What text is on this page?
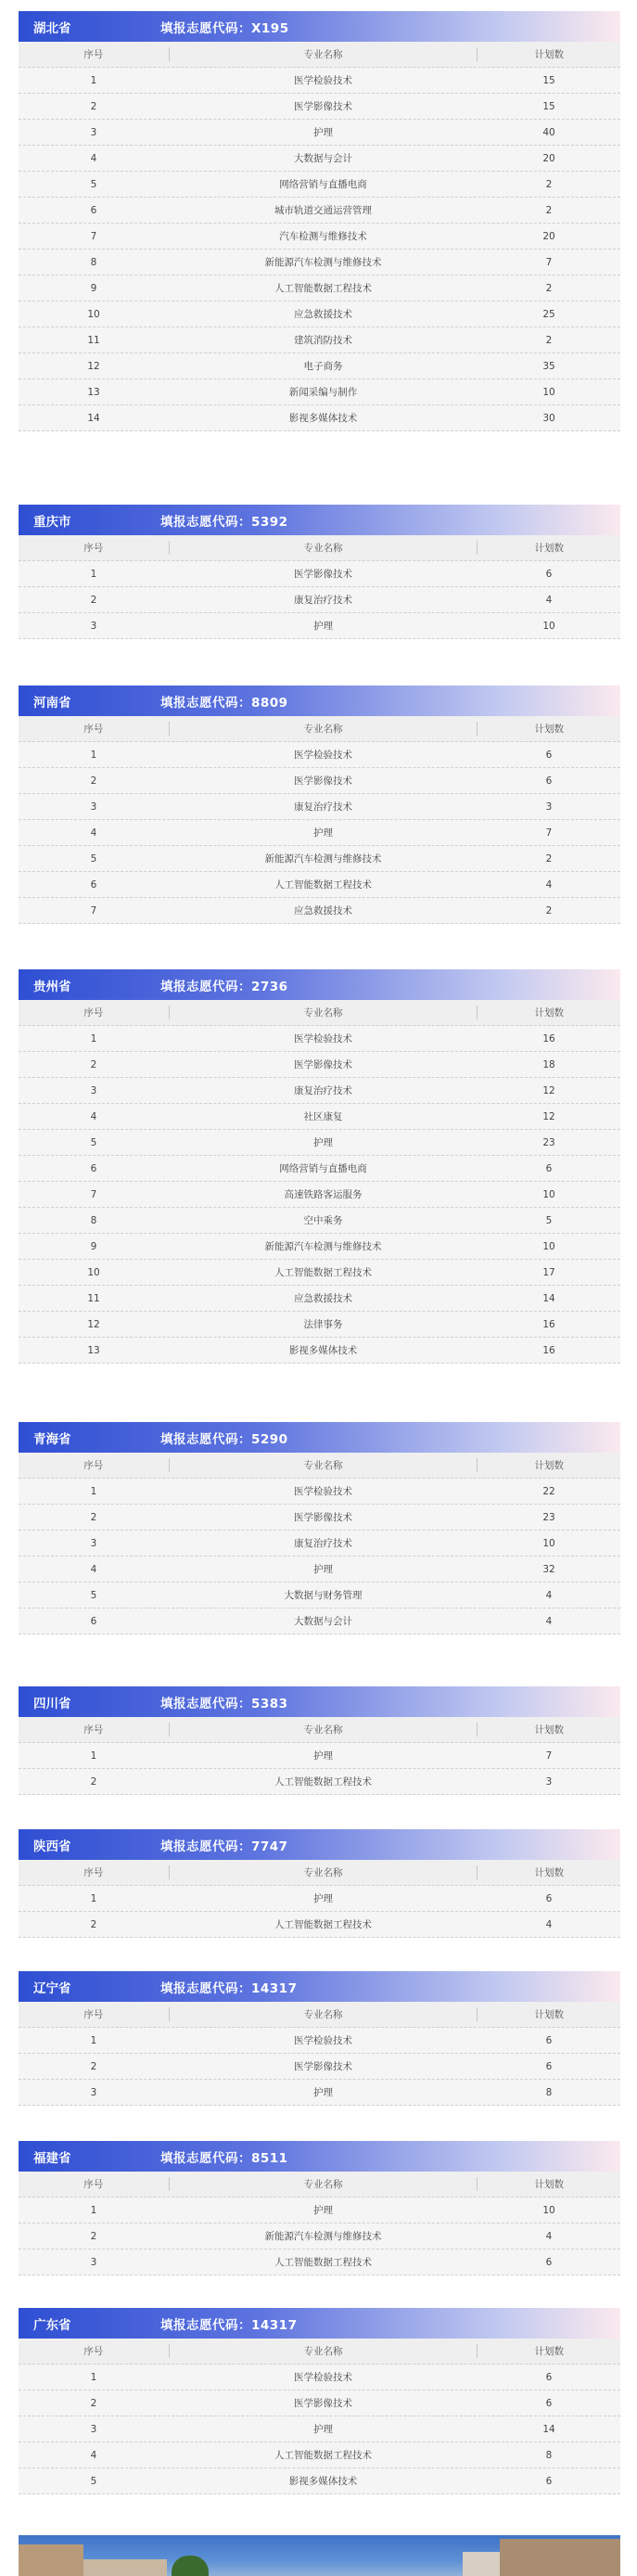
湖北省	填报志愿代码：X195
序号	专业名称	计划数
1	医学检验技术	15
2	医学影像技术	15
3	护理	40
4	大数据与会计	20
5	网络营销与直播电商	2
6	城市轨道交通运营管理	2
7	汽车检测与维修技术	20
8	新能源汽车检测与维修技术	7
9	人工智能数据工程技术	2
10	应急救援技术	25
11	建筑消防技术	2
12	电子商务	35
13	新闻采编与制作	10
14	影视多媒体技术	30
重庆市	填报志愿代码：5392
序号	专业名称	计划数
1	医学影像技术	6
2	康复治疗技术	4
3	护理	10
河南省	填报志愿代码：8809
序号	专业名称	计划数
1	医学检验技术	6
2	医学影像技术	6
3	康复治疗技术	3
4	护理	7
5	新能源汽车检测与维修技术	2
6	人工智能数据工程技术	4
7	应急救援技术	2
贵州省	填报志愿代码：2736
序号	专业名称	计划数
1	医学检验技术	16
2	医学影像技术	18
3	康复治疗技术	12
4	社区康复	12
5	护理	23
6	网络营销与直播电商	6
7	高速铁路客运服务	10
8	空中乘务	5
9	新能源汽车检测与维修技术	10
10	人工智能数据工程技术	17
11	应急救援技术	14
12	法律事务	16
13	影视多媒体技术	16
青海省	填报志愿代码：5290
序号	专业名称	计划数
1	医学检验技术	22
2	医学影像技术	23
3	康复治疗技术	10
4	护理	32
5	大数据与财务管理	4
6	大数据与会计	4
四川省	填报志愿代码：5383
序号	专业名称	计划数
1	护理	7
2	人工智能数据工程技术	3
陕西省	填报志愿代码：7747
序号	专业名称	计划数
1	护理	6
2	人工智能数据工程技术	4
辽宁省	填报志愿代码：14317
序号	专业名称	计划数
1	医学检验技术	6
2	医学影像技术	6
3	护理	8
福建省	填报志愿代码：8511
序号	专业名称	计划数
1	护理	10
2	新能源汽车检测与维修技术	4
3	人工智能数据工程技术	6
广东省	填报志愿代码：14317
序号	专业名称	计划数
1	医学检验技术	6
2	医学影像技术	6
3	护理	14
4	人工智能数据工程技术	8
5	影视多媒体技术	6
